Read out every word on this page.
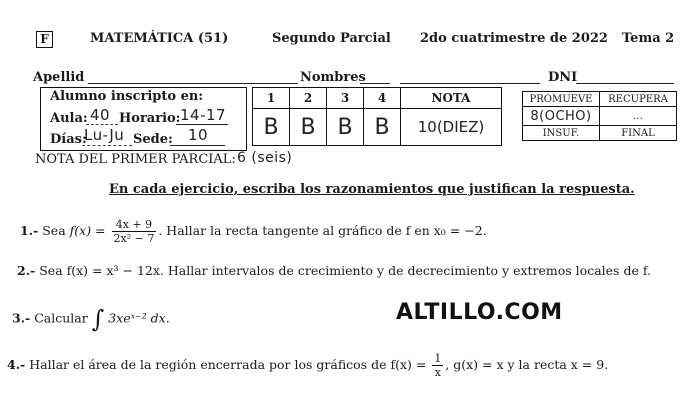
F	MATEMÁTICA (51)	Segundo Parcial 2do cuatrimestre de 2022 Tema 2
Apellid	Nombres	DNI
Alumno inscripto en:
Aula: 40 Horario: 14-17
Días:
Lu-Ju Sede: 10
1	2	3	4	NOTA
B	B	B	B	10(DIEZ)
PROMUEVE	RECUPERA
8(OCHO)	...
INSUF.	FINAL
NOTA DEL PRIMER PARCIAL: 6 (seis)
En cada ejercicio, escriba los razonamientos que justifican la respuesta.
1.- Sea $f(x) = \frac{4x + 9}{\text{2x² − 7}}$ . Hallar la recta tangente al gráfico de f en x₀ = −2.
2.- Sea f(x) = x³ − 12x. Hallar intervalos de crecimiento y de decrecimiento y extremos locales de f.
3.- Calcular ∫ 3xeˣ⁻² dx.	ALTILLO.COM
4.- Hallar el área de la región encerrada por los gráficos de $f(x) = \frac{1}{x}$ , g(x) = x y la recta x = 9.
